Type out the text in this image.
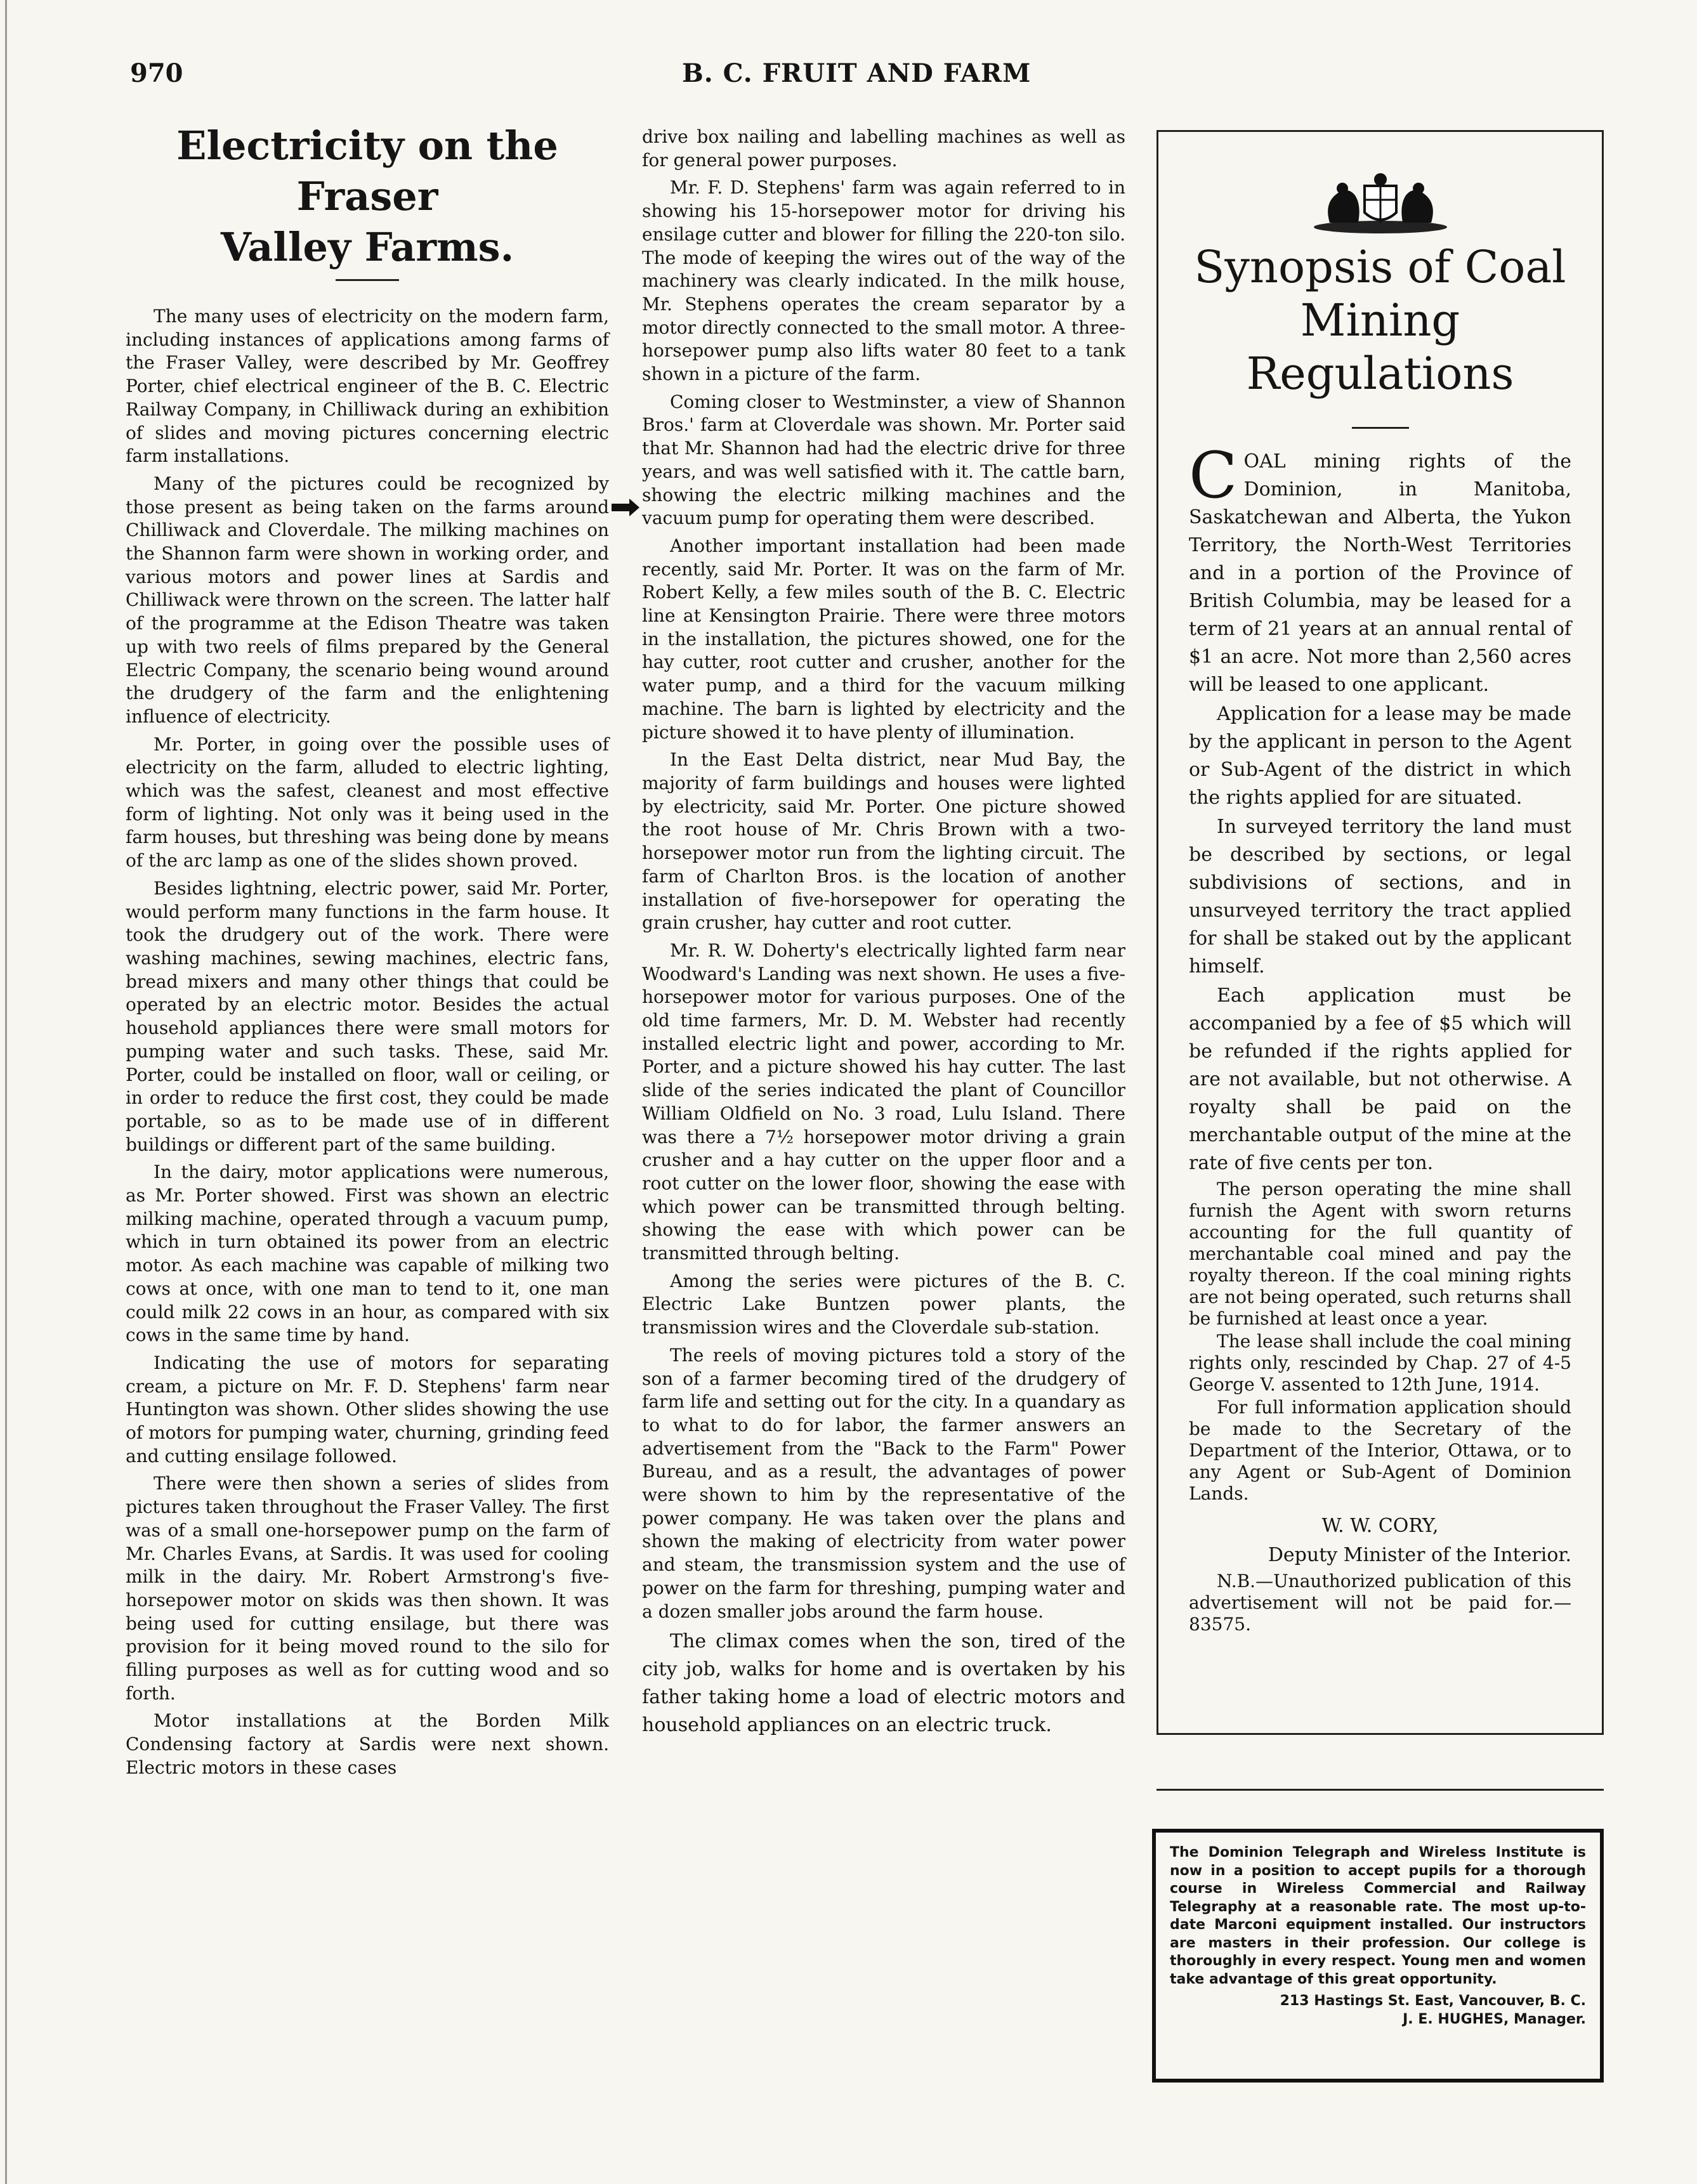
970	B. C. FRUIT AND FARM
Electricity on the Fraser
Valley Farms.

The many uses of electricity on the modern farm, including instances of applications among farms of the Fraser Valley, were described by Mr. Geoffrey Porter, chief electrical engineer of the B. C. Electric Railway Company, in Chilliwack during an exhibition of slides and moving pictures concerning electric farm installations.

Many of the pictures could be recognized by those present as being taken on the farms around Chilliwack and Cloverdale. The milking machines on the Shannon farm were shown in working order, and various motors and power lines at Sardis and Chilliwack were thrown on the screen. The latter half of the programme at the Edison Theatre was taken up with two reels of films prepared by the General Electric Company, the scenario being wound around the drudgery of the farm and the enlightening influence of electricity.

Mr. Porter, in going over the possible uses of electricity on the farm, alluded to electric lighting, which was the safest, cleanest and most effective form of lighting. Not only was it being used in the farm houses, but threshing was being done by means of the arc lamp as one of the slides shown proved.

Besides lightning, electric power, said Mr. Porter, would perform many functions in the farm house. It took the drudgery out of the work. There were washing machines, sewing machines, electric fans, bread mixers and many other things that could be operated by an electric motor. Besides the actual household appliances there were small motors for pumping water and such tasks. These, said Mr. Porter, could be installed on floor, wall or ceiling, or in order to reduce the first cost, they could be made portable, so as to be made use of in different buildings or different part of the same building.

In the dairy, motor applications were numerous, as Mr. Porter showed. First was shown an electric milking machine, operated through a vacuum pump, which in turn obtained its power from an electric motor. As each machine was capable of milking two cows at once, with one man to tend to it, one man could milk 22 cows in an hour, as compared with six cows in the same time by hand.

Indicating the use of motors for separating cream, a picture on Mr. F. D. Stephens' farm near Huntington was shown. Other slides showing the use of motors for pumping water, churning, grinding feed and cutting ensilage followed.

There were then shown a series of slides from pictures taken throughout the Fraser Valley. The first was of a small one-horsepower pump on the farm of Mr. Charles Evans, at Sardis. It was used for cooling milk in the dairy. Mr. Robert Armstrong's five-horsepower motor on skids was then shown. It was being used for cutting ensilage, but there was provision for it being moved round to the silo for filling purposes as well as for cutting wood and so forth.

Motor installations at the Borden Milk Condensing factory at Sardis were next shown. Electric motors in these cases

drive box nailing and labelling machines as well as for general power purposes.

Mr. F. D. Stephens' farm was again referred to in showing his 15-horsepower motor for driving his ensilage cutter and blower for filling the 220-ton silo. The mode of keeping the wires out of the way of the machinery was clearly indicated. In the milk house, Mr. Stephens operates the cream separator by a motor directly connected to the small motor. A three-horsepower pump also lifts water 80 feet to a tank shown in a picture of the farm.

Coming closer to Westminster, a view of Shannon Bros.' farm at Cloverdale was shown. Mr. Porter said that Mr. Shannon had had the electric drive for three years, and was well satisfied with it. The cattle barn, showing the electric milking machines and the vacuum pump for operating them were described.

Another important installation had been made recently, said Mr. Porter. It was on the farm of Mr. Robert Kelly, a few miles south of the B. C. Electric line at Kensington Prairie. There were three motors in the installation, the pictures showed, one for the hay cutter, root cutter and crusher, another for the water pump, and a third for the vacuum milking machine. The barn is lighted by electricity and the picture showed it to have plenty of illumination.

In the East Delta district, near Mud Bay, the majority of farm buildings and houses were lighted by electricity, said Mr. Porter. One picture showed the root house of Mr. Chris Brown with a two-horsepower motor run from the lighting circuit. The farm of Charlton Bros. is the location of another installation of five-horsepower for operating the grain crusher, hay cutter and root cutter.

Mr. R. W. Doherty's electrically lighted farm near Woodward's Landing was next shown. He uses a five-horsepower motor for various purposes. One of the old time farmers, Mr. D. M. Webster had recently installed electric light and power, according to Mr. Porter, and a picture showed his hay cutter. The last slide of the series indicated the plant of Councillor William Oldfield on No. 3 road, Lulu Island. There was there a 7½ horsepower motor driving a grain crusher and a hay cutter on the upper floor and a root cutter on the lower floor, showing the ease with which power can be transmitted through belting. showing the ease with which power can be transmitted through belting.

Among the series were pictures of the B. C. Electric Lake Buntzen power plants, the transmission wires and the Cloverdale sub-station.

The reels of moving pictures told a story of the son of a farmer becoming tired of the drudgery of farm life and setting out for the city. In a quandary as to what to do for labor, the farmer answers an advertisement from the "Back to the Farm" Power Bureau, and as a result, the advantages of power were shown to him by the representative of the power company. He was taken over the plans and shown the making of electricity from water power and steam, the transmission system and the use of power on the farm for threshing, pumping water and a dozen smaller jobs around the farm house.

The climax comes when the son, tired of the city job, walks for home and is overtaken by his father taking home a load of electric motors and household appliances on an electric truck.

Synopsis of Coal
Mining
Regulations

COAL mining rights of the Dominion, in Manitoba, Saskatchewan and Alberta, the Yukon Territory, the North-West Territories and in a portion of the Province of British Columbia, may be leased for a term of 21 years at an annual rental of $1 an acre. Not more than 2,560 acres will be leased to one applicant.

Application for a lease may be made by the applicant in person to the Agent or Sub-Agent of the district in which the rights applied for are situated.

In surveyed territory the land must be described by sections, or legal subdivisions of sections, and in unsurveyed territory the tract applied for shall be staked out by the applicant himself.

Each application must be accompanied by a fee of $5 which will be refunded if the rights applied for are not available, but not otherwise. A royalty shall be paid on the merchantable output of the mine at the rate of five cents per ton.

The person operating the mine shall furnish the Agent with sworn returns accounting for the full quantity of merchantable coal mined and pay the royalty thereon. If the coal mining rights are not being operated, such returns shall be furnished at least once a year.

The lease shall include the coal mining rights only, rescinded by Chap. 27 of 4-5 George V. assented to 12th June, 1914.

For full information application should be made to the Secretary of the Department of the Interior, Ottawa, or to any Agent or Sub-Agent of Dominion Lands.

W. W. CORY,

Deputy Minister of the Interior.

N.B.—Unauthorized publication of this advertisement will not be paid for.—83575.

The Dominion Telegraph and Wireless Institute is now in a position to accept pupils for a thorough course in Wireless Commercial and Railway Telegraphy at a reasonable rate. The most up-to-date Marconi equipment installed. Our instructors are masters in their profession. Our college is thoroughly in every respect. Young men and women take advantage of this great opportunity.

213 Hastings St. East, Vancouver, B. C.

J. E. HUGHES, Manager.
